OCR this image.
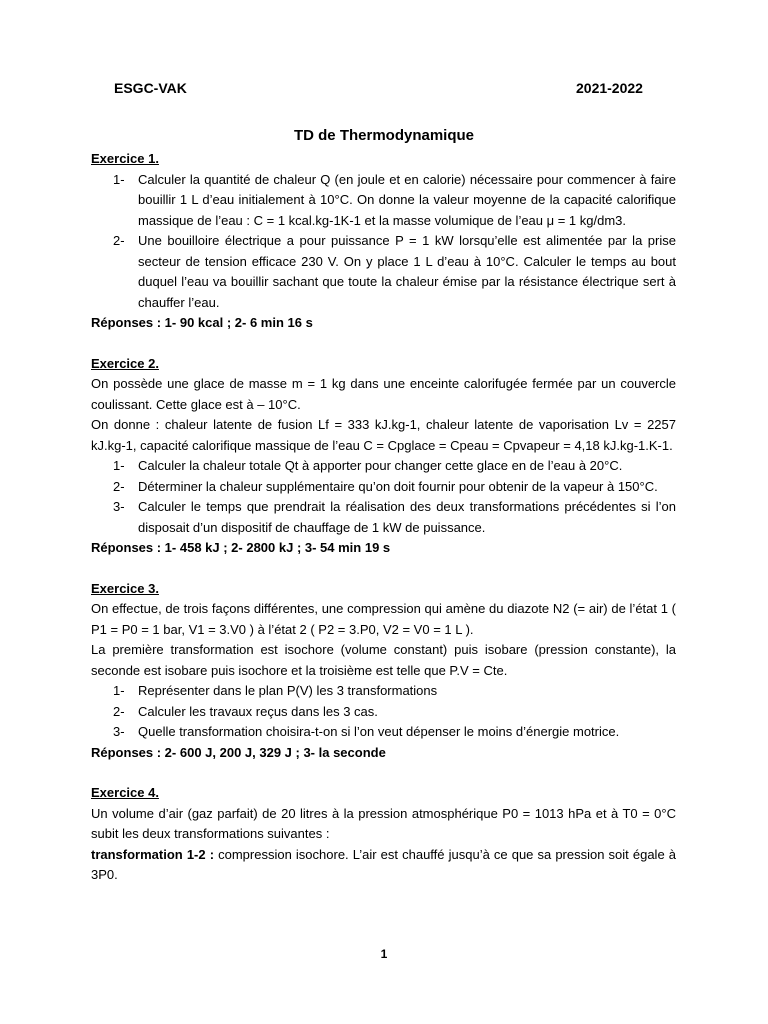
ESGC-VAK	2021-2022
TD de Thermodynamique
Exercice 1.
1- Calculer la quantité de chaleur Q (en joule et en calorie) nécessaire pour commencer à faire bouillir 1 L d’eau initialement à 10°C. On donne la valeur moyenne de la capacité calorifique massique de l’eau : C = 1 kcal.kg-1K-1 et la masse volumique de l’eau μ = 1 kg/dm3.
2- Une bouilloire électrique a pour puissance P = 1 kW lorsqu’elle est alimentée par la prise secteur de tension efficace 230 V. On y place 1 L d’eau à 10°C. Calculer le temps au bout duquel l’eau va bouillir sachant que toute la chaleur émise par la résistance électrique sert à chauffer l’eau.
Réponses : 1- 90 kcal ; 2- 6 min 16 s
Exercice 2.
On possède une glace de masse m = 1 kg dans une enceinte calorifugée fermée par un couvercle coulissant. Cette glace est à – 10°C.
On donne : chaleur latente de fusion Lf = 333 kJ.kg-1, chaleur latente de vaporisation Lv = 2257 kJ.kg-1, capacité calorifique massique de l’eau C = Cpglace = Cpeau = Cpvapeur = 4,18 kJ.kg-1.K-1.
1- Calculer la chaleur totale Qt à apporter pour changer cette glace en de l’eau à 20°C.
2- Déterminer la chaleur supplémentaire qu’on doit fournir pour obtenir de la vapeur à 150°C.
3- Calculer le temps que prendrait la réalisation des deux transformations précédentes si l’on disposait d’un dispositif de chauffage de 1 kW de puissance.
Réponses : 1- 458 kJ ; 2- 2800 kJ ; 3- 54 min 19 s
Exercice 3.
On effectue, de trois façons différentes, une compression qui amène du diazote N2 (= air) de l’état 1 ( P1 = P0 = 1 bar, V1 = 3.V0 ) à l’état 2 ( P2 = 3.P0, V2 = V0 = 1 L ).
La première transformation est isochore (volume constant) puis isobare (pression constante), la seconde est isobare puis isochore et la troisième est telle que P.V = Cte.
1- Représenter dans le plan P(V) les 3 transformations
2- Calculer les travaux reçus dans les 3 cas.
3- Quelle transformation choisira-t-on si l’on veut dépenser le moins d’énergie motrice.
Réponses : 2- 600 J, 200 J, 329 J ; 3- la seconde
Exercice 4.
Un volume d’air (gaz parfait) de 20 litres à la pression atmosphérique P0 = 1013 hPa et à T0 = 0°C subit les deux transformations suivantes :
transformation 1-2 : compression isochore. L’air est chauffé jusqu’à ce que sa pression soit égale à 3P0.
1
